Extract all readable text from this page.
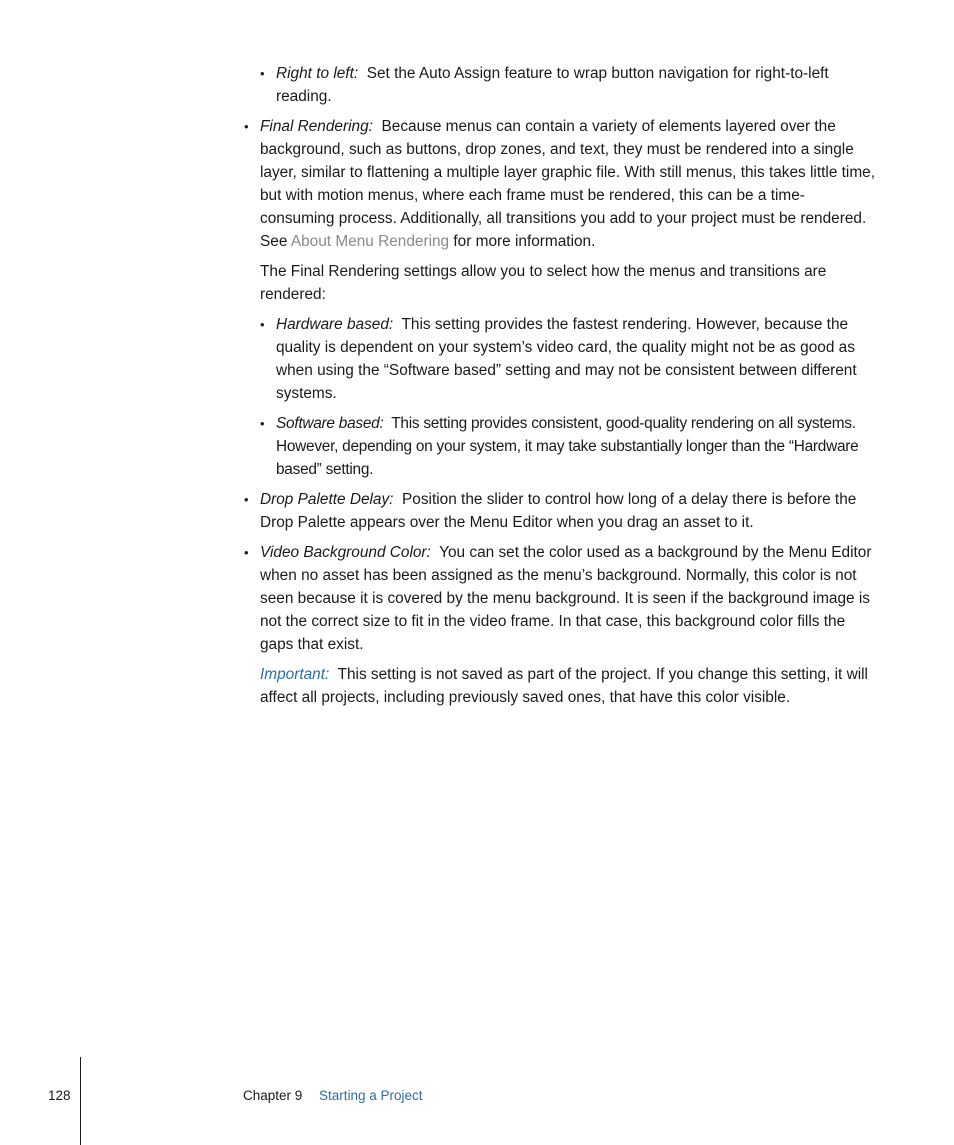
• Right to left: Set the Auto Assign feature to wrap button navigation for right-to-left reading.

• Final Rendering: Because menus can contain a variety of elements layered over the background, such as buttons, drop zones, and text, they must be rendered into a single layer, similar to flattening a multiple layer graphic file. With still menus, this takes little time, but with motion menus, where each frame must be rendered, this can be a time-consuming process. Additionally, all transitions you add to your project must be rendered. See About Menu Rendering for more information.

The Final Rendering settings allow you to select how the menus and transitions are rendered:

• Hardware based: This setting provides the fastest rendering. However, because the quality is dependent on your system’s video card, the quality might not be as good as when using the “Software based” setting and may not be consistent between different systems.

• Software based: This setting provides consistent, good-quality rendering on all systems. However, depending on your system, it may take substantially longer than the “Hardware based” setting.

• Drop Palette Delay: Position the slider to control how long of a delay there is before the Drop Palette appears over the Menu Editor when you drag an asset to it.

• Video Background Color: You can set the color used as a background by the Menu Editor when no asset has been assigned as the menu’s background. Normally, this color is not seen because it is covered by the menu background. It is seen if the background image is not the correct size to fit in the video frame. In that case, this background color fills the gaps that exist.

Important: This setting is not saved as part of the project. If you change this setting, it will affect all projects, including previously saved ones, that have this color visible.

128	Chapter 9 Starting a Project
